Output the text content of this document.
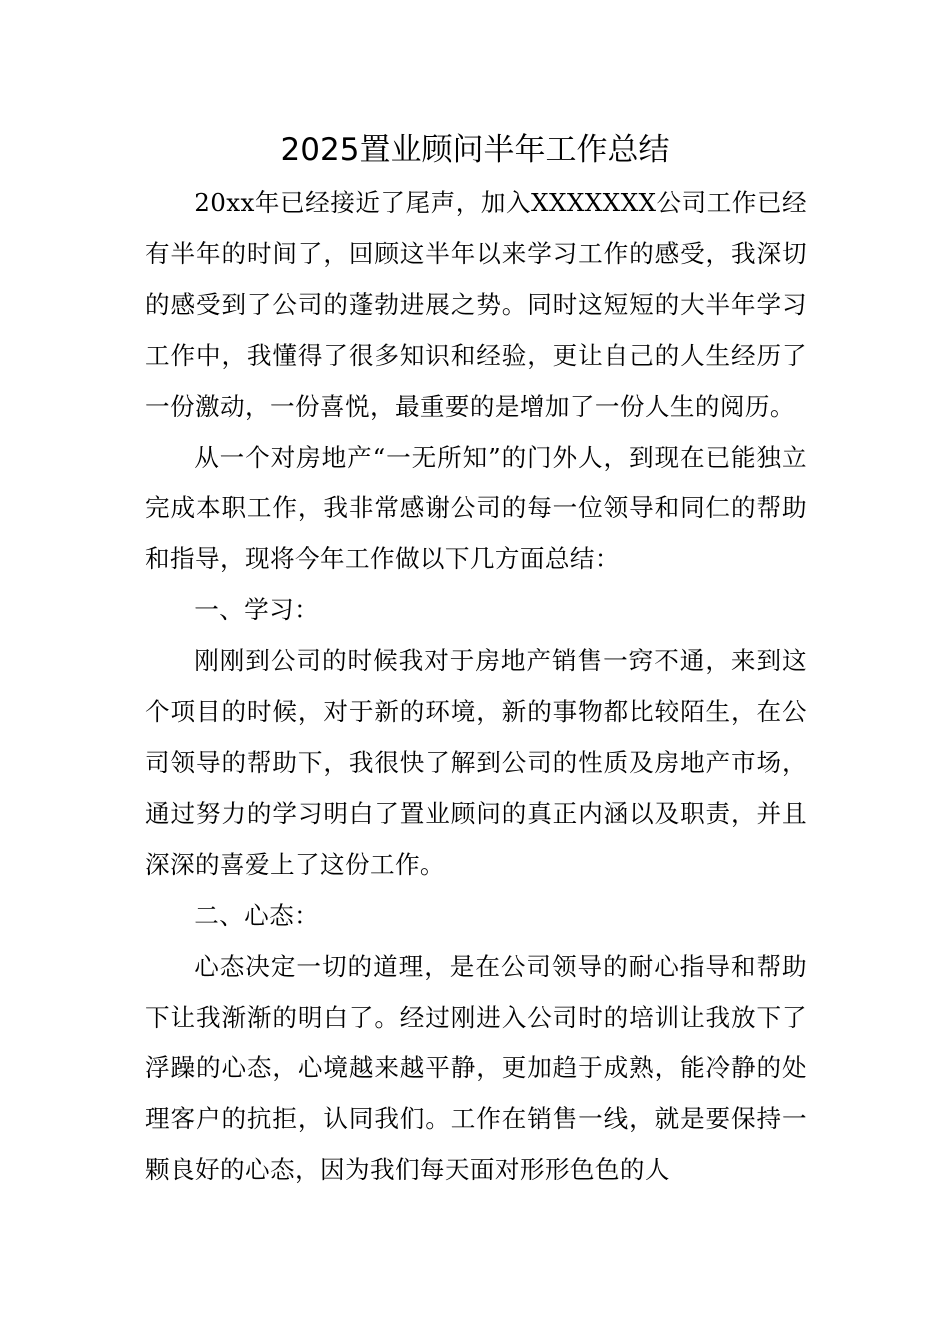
2025置业顾问半年工作总结

20xx年已经接近了尾声，加入XXXXXXX公司工作已经有半年的时间了，回顾这半年以来学习工作的感受，我深切的感受到了公司的蓬勃进展之势。同时这短短的大半年学习工作中，我懂得了很多知识和经验，更让自己的人生经历了一份激动，一份喜悦，最重要的是增加了一份人生的阅历。

从一个对房地产“一无所知”的门外人，到现在已能独立完成本职工作，我非常感谢公司的每一位领导和同仁的帮助和指导，现将今年工作做以下几方面总结：

一、学习：

刚刚到公司的时候我对于房地产销售一窍不通，来到这个项目的时候，对于新的环境，新的事物都比较陌生，在公司领导的帮助下，我很快了解到公司的性质及房地产市场，通过努力的学习明白了置业顾问的真正内涵以及职责，并且深深的喜爱上了这份工作。

二、心态：

心态决定一切的道理，是在公司领导的耐心指导和帮助下让我渐渐的明白了。经过刚进入公司时的培训让我放下了浮躁的心态，心境越来越平静，更加趋于成熟，能冷静的处理客户的抗拒，认同我们。工作在销售一线，就是要保持一颗良好的心态，因为我们每天面对形形色色的人
